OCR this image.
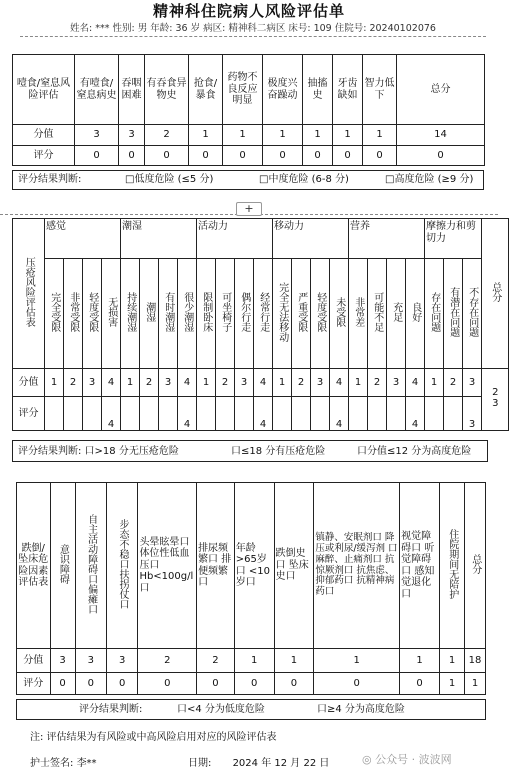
精神科住院病人风险评估单
姓名: *** 性别: 男 年龄: 36 岁 病区: 精神科二病区 床号: 109 住院号: 20240102076
噎食/窒息风险评估	有噎食/窒息病史	吞咽困难	有吞食异物史	抢食/暴食	药物不良反应明显	极度兴奋躁动	抽搐史	牙齿缺如	智力低下	总分
分值	3	3	2	1	1	1	1	1	1	14
评分	0	0	0	0	0	0	0	0	0	0
评分结果判断:	□低度危险 (≤5 分)	□中度危险 (6-8 分)	□高度危险 (≥9 分)
+
压疮风险评估表	感觉				潮湿				活动力				移动力				营养				摩擦力和剪切力			总分
	完全受限	非常受限	轻度受限	无损害	持续潮湿	潮湿	有时潮湿	很少潮湿	限制卧床	可坐椅子	偶尔行走	经常行走	完全无法移动	严重受限	轻度受限	未受限	非常差	可能不足	充足	良好	存在问题	有潜在问题	不存在问题	
分值	1	2	3	4	1	2	3	4	1	2	3	4	1	2	3	4	1	2	3	4	1	2	3	23
评分				4				4				4				4				4			3	
评分结果判断: 口>18 分无压疮危险	口≤18 分有压疮危险	口分值≤12 分为高度危险
跌倒/坠床危险因素评估表	意识障碍	自主活动障碍口偏瘫口	步态不稳口扶拐仗口	头晕眩晕口 体位性低血压口 Hb<100g/l口	排尿频繁口 排便频繁口	年龄>65岁口 <10岁口	跌倒史口 坠床史口	镇静、安眠剂口 降压或利尿/缓泻剂 口 麻醉、止痛剂口 抗惊厥剂口 抗焦虑、抑郁药口 抗精神病药口	视觉障碍口 听觉障碍口 感知觉退化口	住院期间无陪护	总分
分值	3	3	3	2	2	1	1	1	1	1	18
评分	0	0	0	0	0	0	0	0	0	1	1
评分结果判断:	口<4 分为低度危险	口≥4 分为高度危险
注: 评估结果为有风险或中高风险启用对应的风险评估表
护士签名: 李**	日期: 2024 年 12 月 22 日	◎ 公众号 · 波波网
